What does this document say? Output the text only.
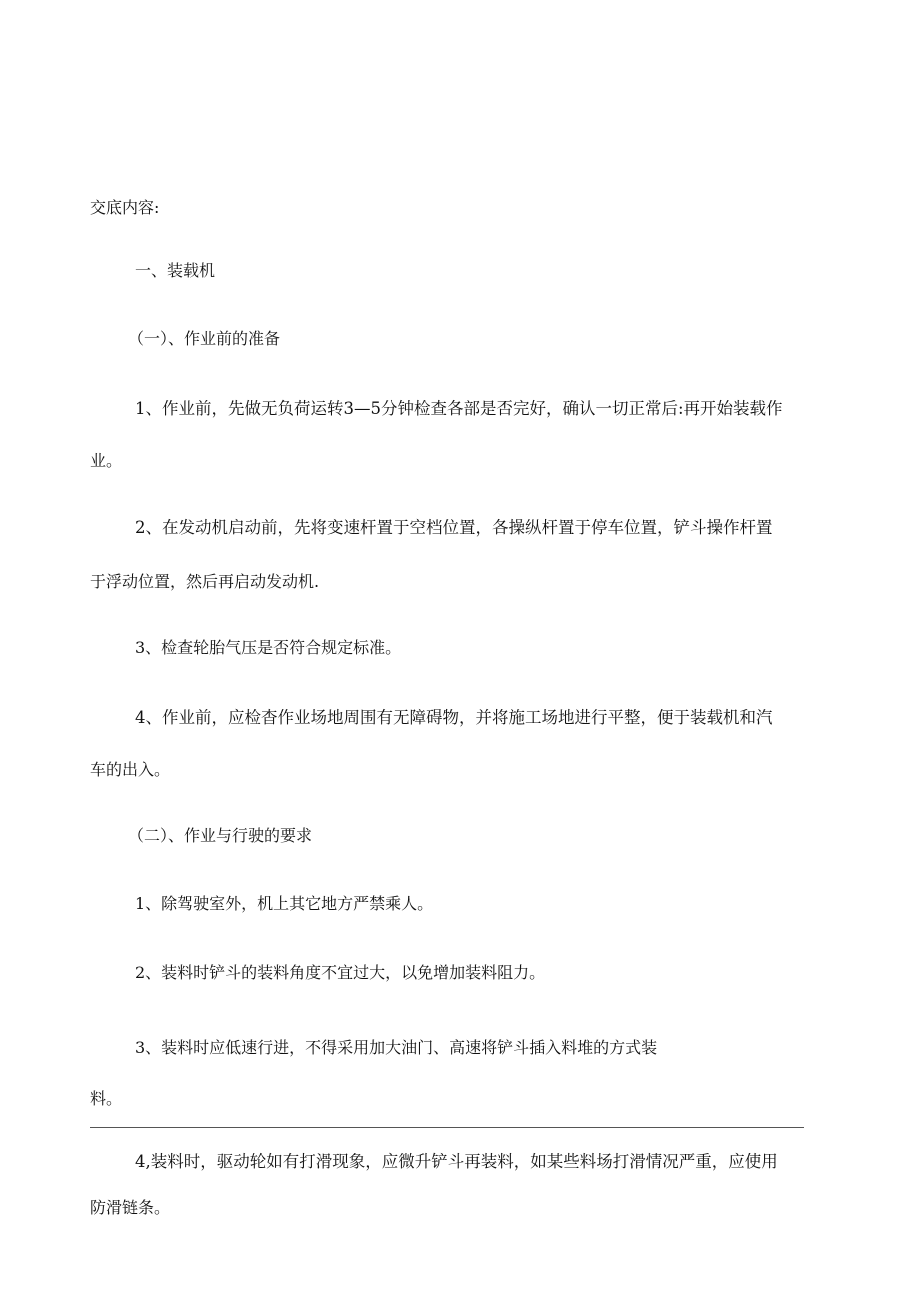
交底内容:
一、装载机
（一）、作业前的准备
1、作业前，先做无负荷运转3—5分钟检查各部是否完好，确认一切正常后:再开始装载作
业。
2、在发动机启动前，先将变速杆置于空档位置，各操纵杆置于停车位置，铲斗操作杆置
于浮动位置，然后再启动发动机.
3、检查轮胎气压是否符合规定标准。
4、作业前，应检杳作业场地周围有无障碍物，并将施工场地进行平整，便于装载机和汽
车的出入。
（二）、作业与行驶的要求
1、除驾驶室外，机上其它地方严禁乘人。
2、装料时铲斗的装料角度不宜过大，以免增加装料阻力。
3、装料时应低速行进，不得采用加大油门、高速将铲斗插入料堆的方式装
料。
4,装料时，驱动轮如有打滑现象，应微升铲斗再装料，如某些料场打滑情况严重，应使用
防滑链条。
